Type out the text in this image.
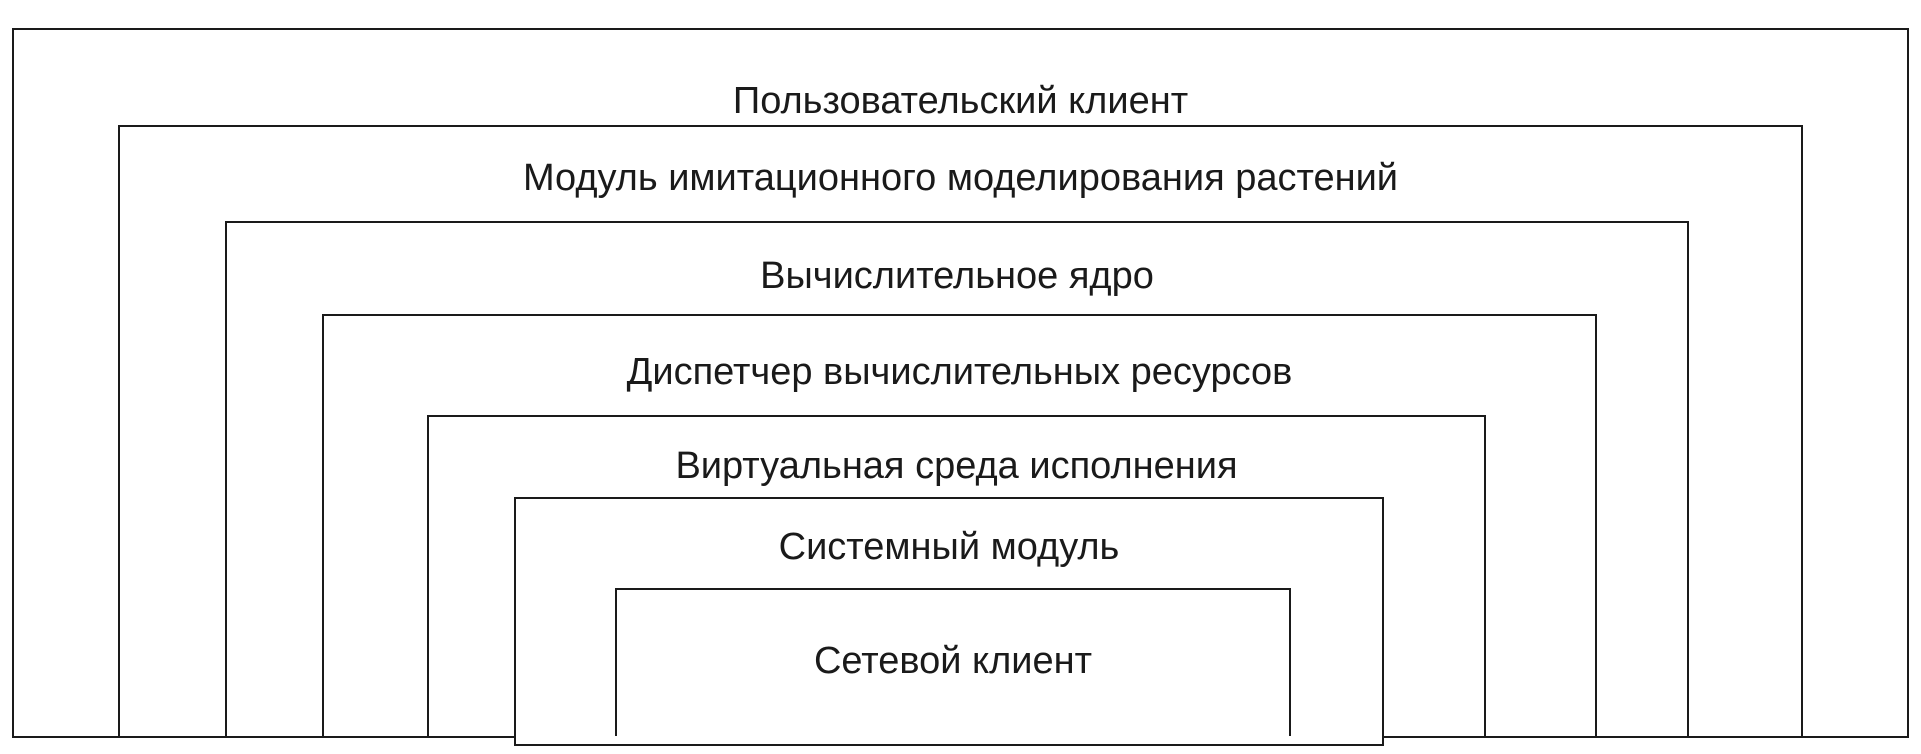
Пользовательский клиент
Модуль имитационного моделирования растений
Вычислительное ядро
Диспетчер вычислительных ресурсов
Виртуальная среда исполнения
Системный модуль
Сетевой клиент
